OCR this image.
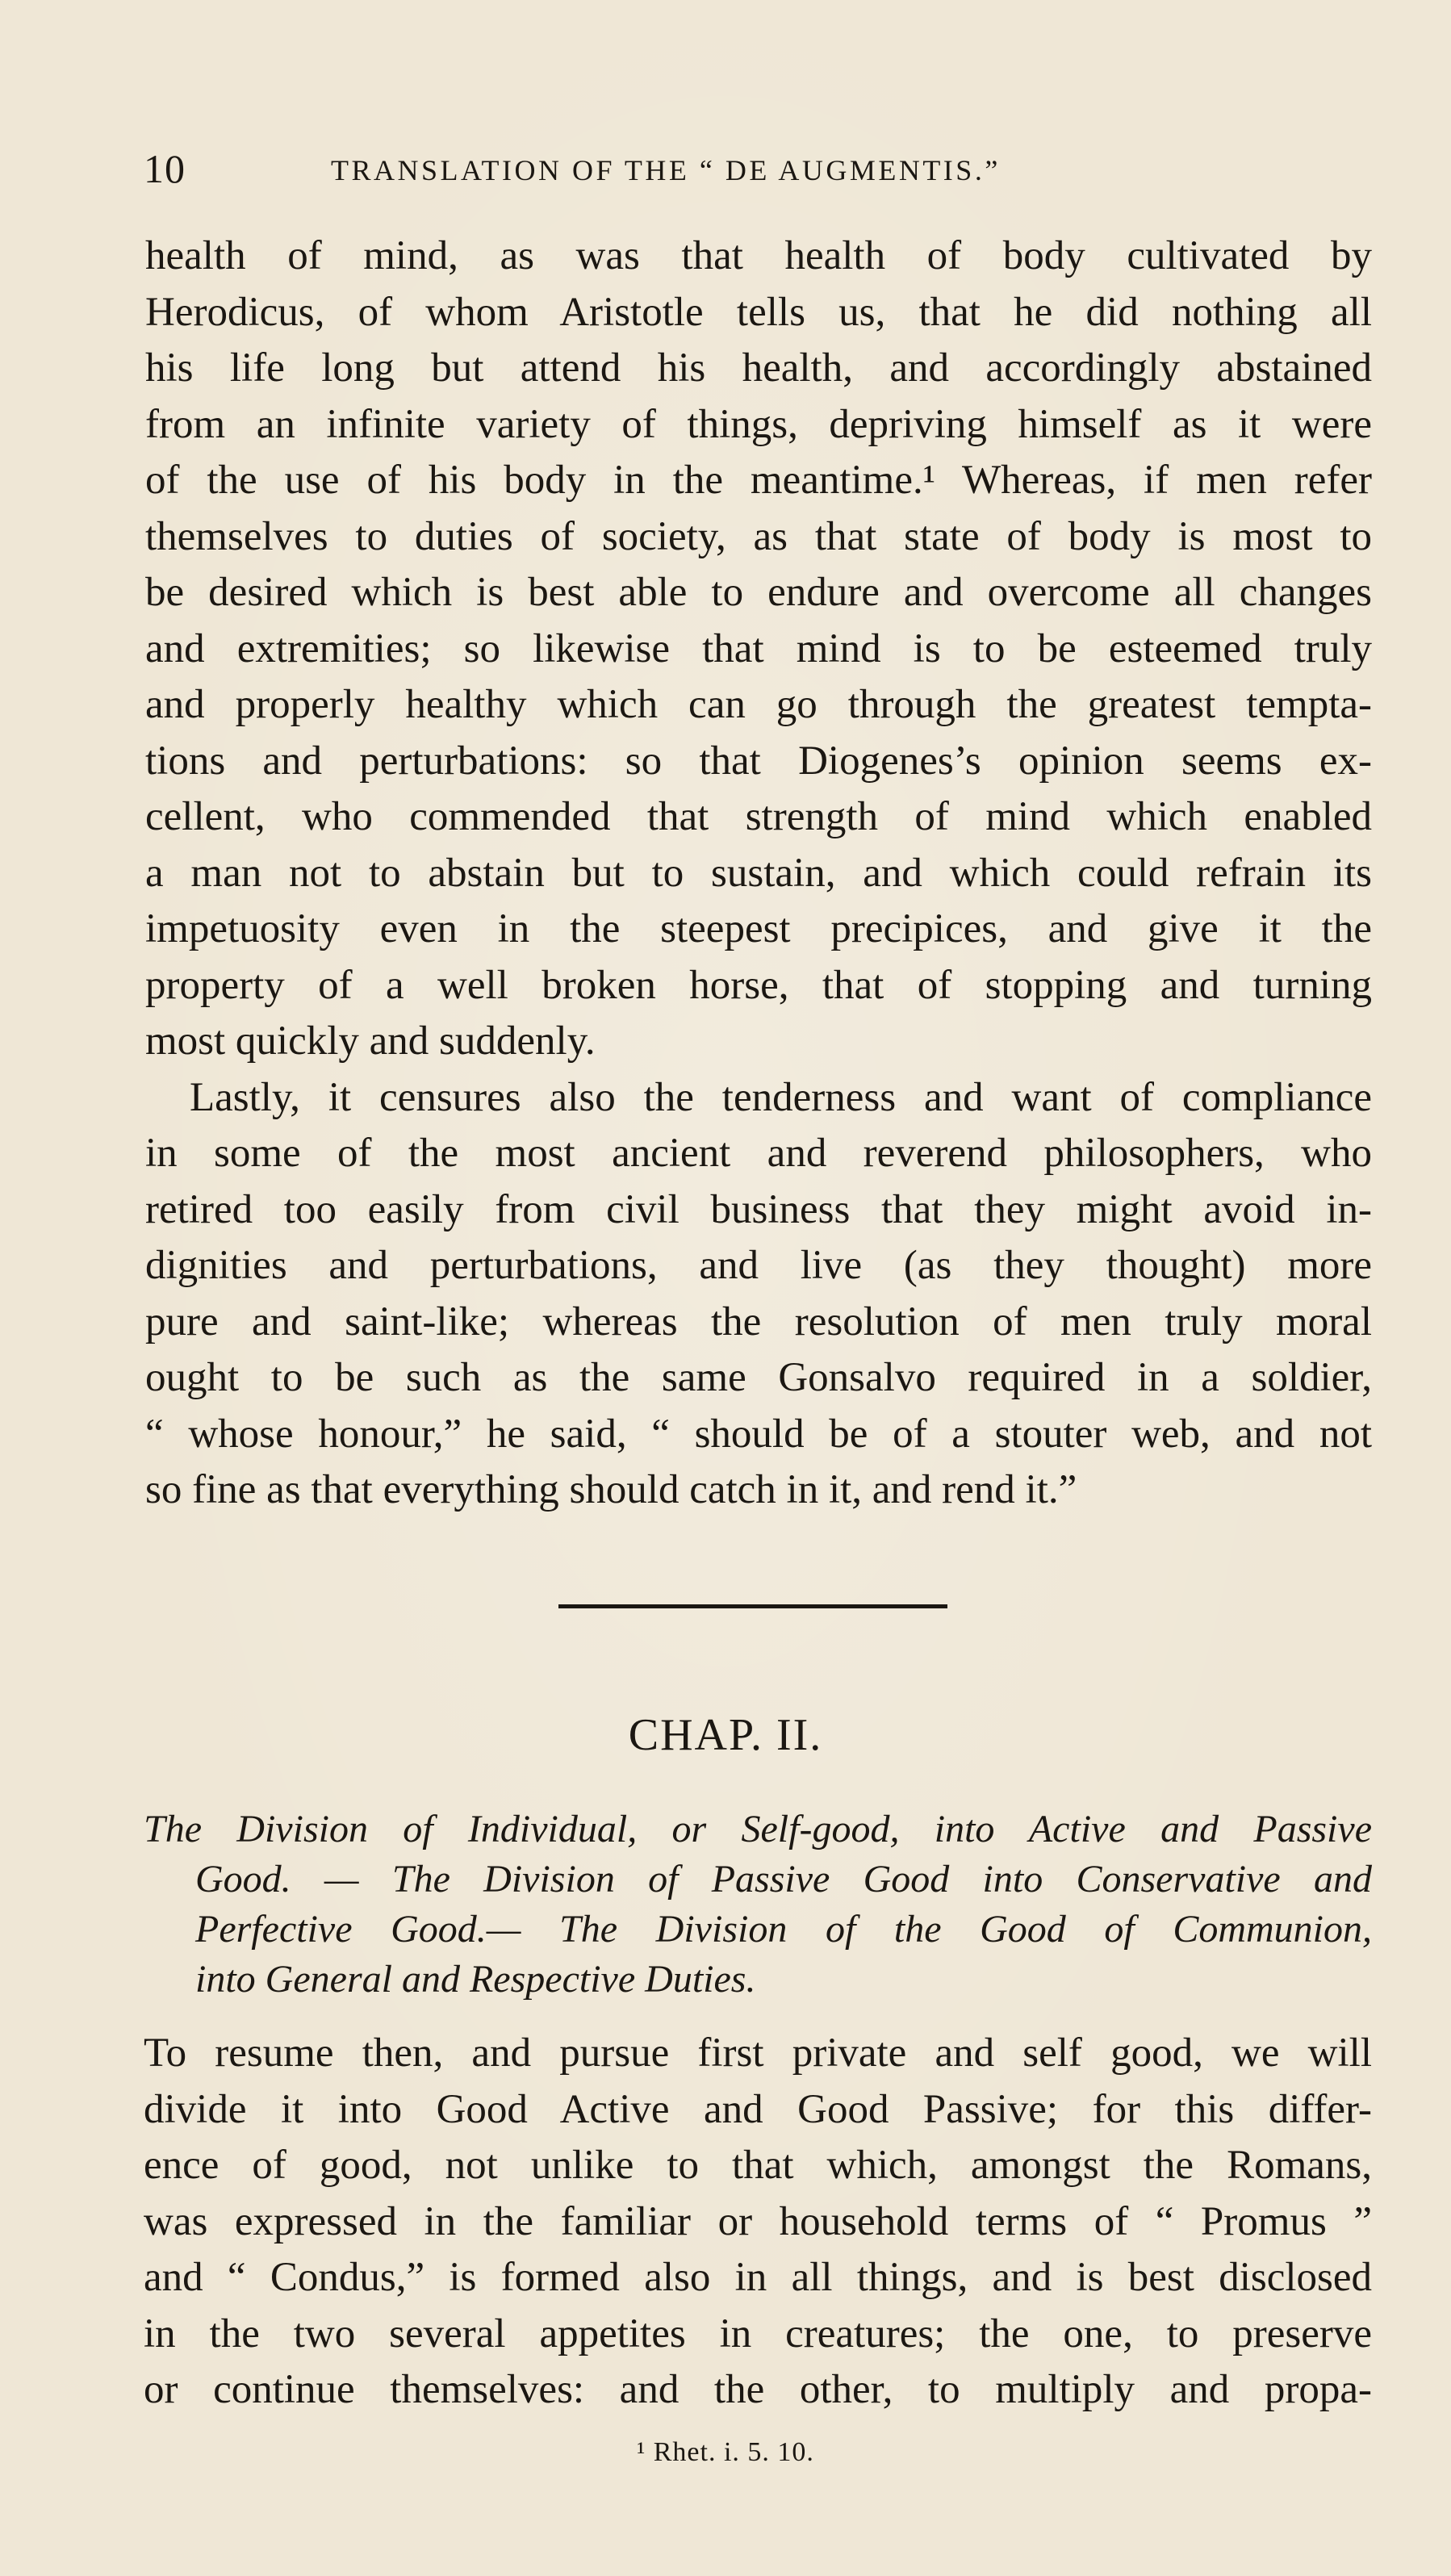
10	TRANSLATION OF THE “ DE AUGMENTIS.”
health of mind, as was that health of body cultivated by
Herodicus, of whom Aristotle tells us, that he did nothing all
his life long but attend his health, and accordingly abstained
from an infinite variety of things, depriving himself as it were
of the use of his body in the meantime.¹ Whereas, if men refer
themselves to duties of society, as that state of body is most to
be desired which is best able to endure and overcome all changes
and extremities; so likewise that mind is to be esteemed truly
and properly healthy which can go through the greatest tempta-
tions and perturbations: so that Diogenes’s opinion seems ex-
cellent, who commended that strength of mind which enabled
a man not to abstain but to sustain, and which could refrain its
impetuosity even in the steepest precipices, and give it the
property of a well broken horse, that of stopping and turning
most quickly and suddenly.
Lastly, it censures also the tenderness and want of compliance
in some of the most ancient and reverend philosophers, who
retired too easily from civil business that they might avoid in-
dignities and perturbations, and live (as they thought) more
pure and saint-like; whereas the resolution of men truly moral
ought to be such as the same Gonsalvo required in a soldier,
“ whose honour,” he said, “ should be of a stouter web, and not
so fine as that everything should catch in it, and rend it.”
CHAP. II.
The Division of Individual, or Self-good, into Active and Passive
Good. — The Division of Passive Good into Conservative and
Perfective Good.— The Division of the Good of Communion,
into General and Respective Duties.
To resume then, and pursue first private and self good, we will
divide it into Good Active and Good Passive; for this differ-
ence of good, not unlike to that which, amongst the Romans,
was expressed in the familiar or household terms of “ Promus ”
and “ Condus,” is formed also in all things, and is best disclosed
in the two several appetites in creatures; the one, to preserve
or continue themselves: and the other, to multiply and propa-
¹ Rhet. i. 5. 10.
